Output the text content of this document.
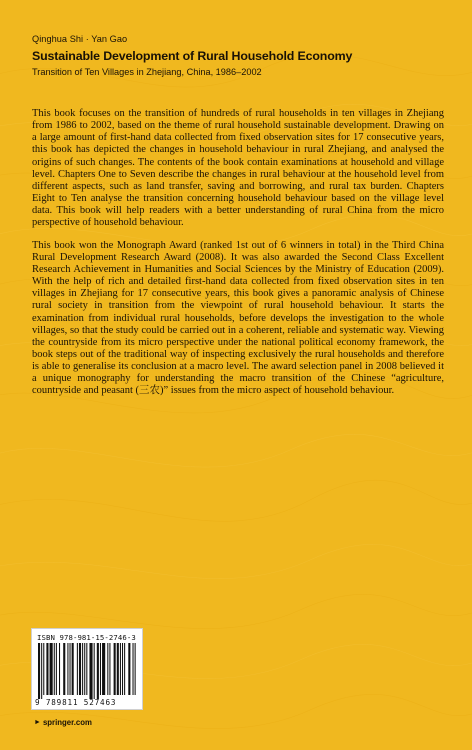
Qinghua Shi · Yan Gao
Sustainable Development of Rural Household Economy
Transition of Ten Villages in Zhejiang, China, 1986–2002

This book focuses on the transition of hundreds of rural households in ten villages in Zhejiang from 1986 to 2002, based on the theme of rural household sustainable development. Drawing on a large amount of first-hand data collected from fixed observation sites for 17 consecutive years, this book has depicted the changes in household behaviour in rural Zhejiang, and analysed the origins of such changes. The contents of the book contain examinations at household and village level. Chapters One to Seven describe the changes in rural behaviour at the household level from different aspects, such as land transfer, saving and borrowing, and rural tax burden. Chapters Eight to Ten analyse the transition concerning household behaviour based on the village level data. This book will help readers with a better understanding of rural China from the micro perspective of household behaviour.

This book won the Monograph Award (ranked 1st out of 6 winners in total) in the Third China Rural Development Research Award (2008). It was also awarded the Second Class Excellent Research Achievement in Humanities and Social Sciences by the Ministry of Education (2009). With the help of rich and detailed first-hand data collected from fixed observation sites in ten villages in Zhejiang for 17 consecutive years, this book gives a panoramic analysis of Chinese rural society in transition from the viewpoint of rural household behaviour. It starts the examination from individual rural households, before develops the investigation to the whole villages, so that the study could be carried out in a coherent, reliable and systematic way. Viewing the countryside from its micro perspective under the national political economy framework, the book steps out of the traditional way of inspecting exclusively the rural households and therefore is able to generalise its conclusion at a macro level. The award selection panel in 2008 believed it a unique monography for understanding the macro transition of the Chinese “agriculture, countryside and peasant (三农)” issues from the micro aspect of household behaviour.

ISBN 978-981-15-2746-3
9 789811 527463
► springer.com
